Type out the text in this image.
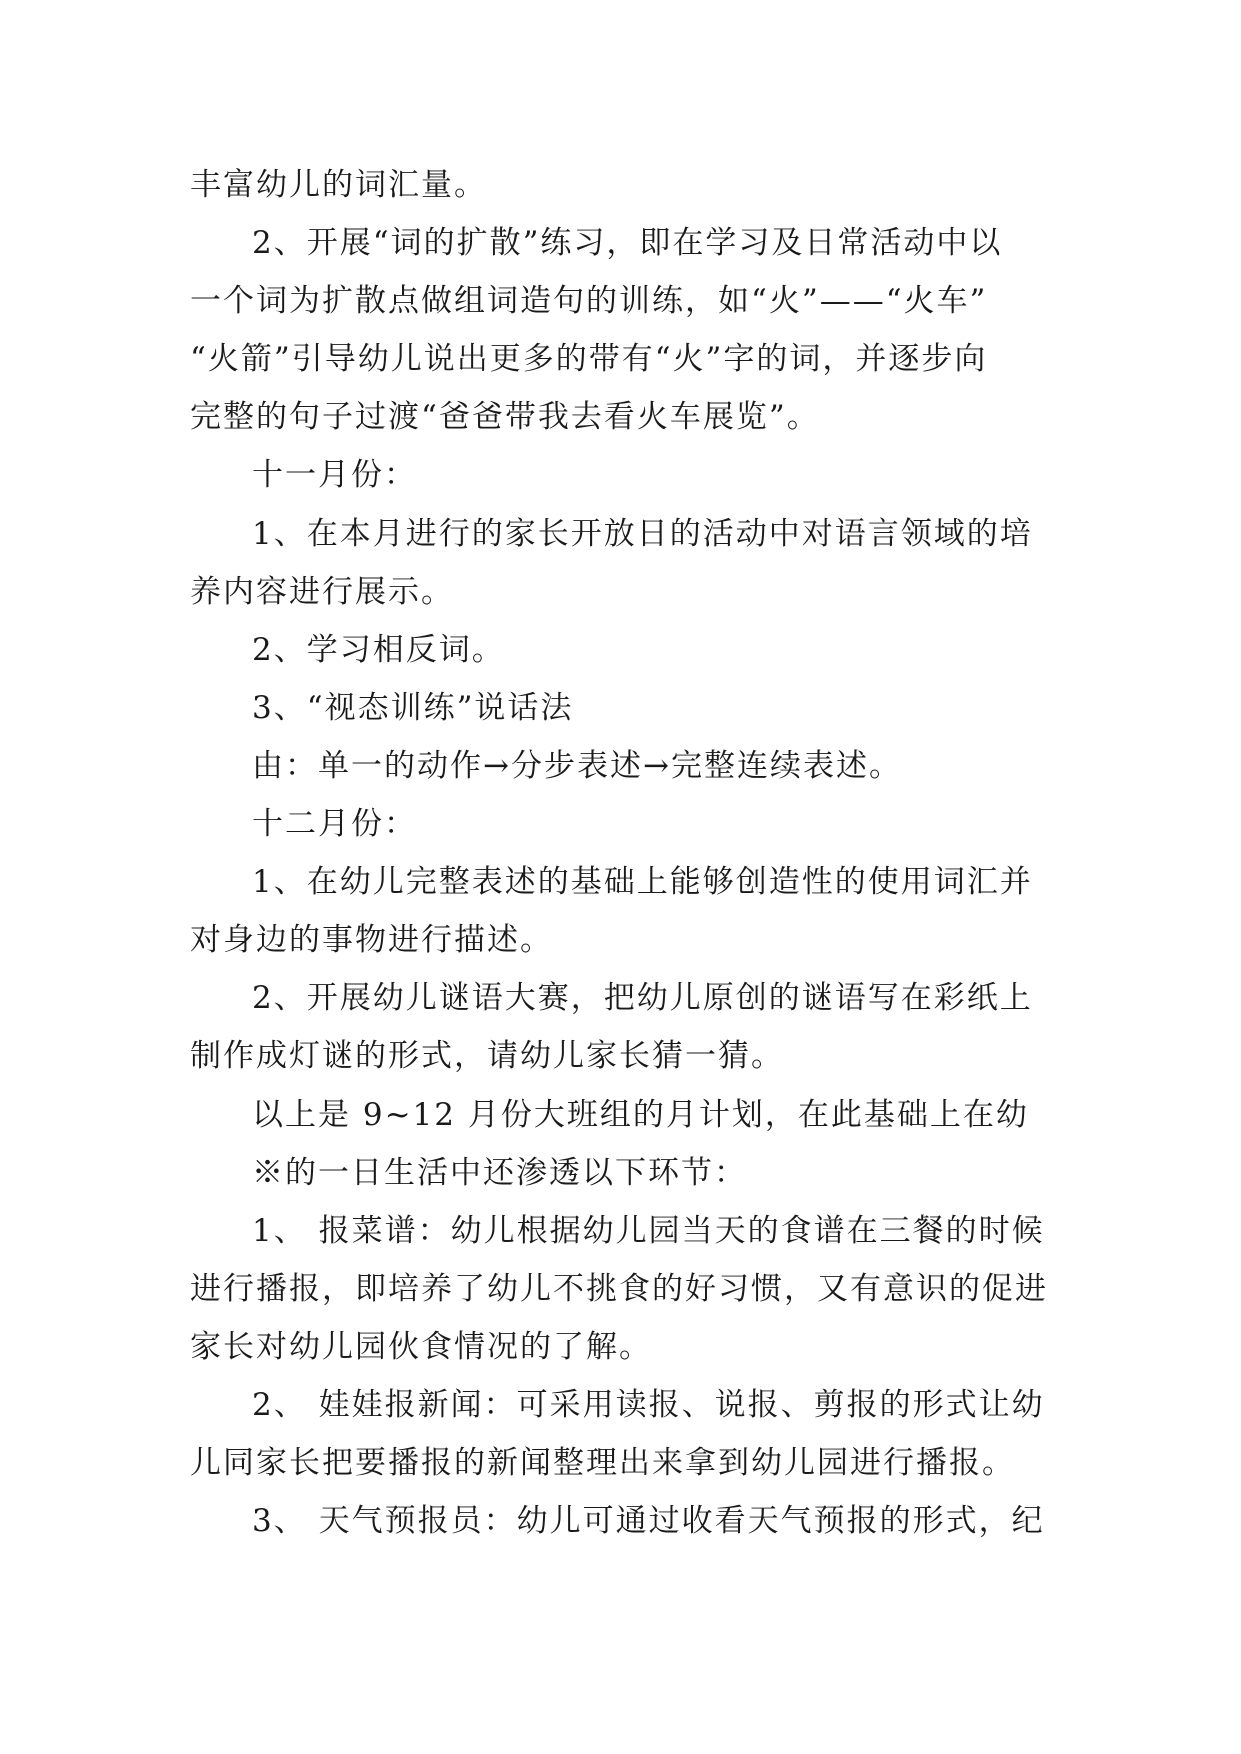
丰富幼儿的词汇量。
2、开展“词的扩散”练习，即在学习及日常活动中以
一个词为扩散点做组词造句的训练，如“火”——“火车”
“火箭”引导幼儿说出更多的带有“火”字的词，并逐步向
完整的句子过渡“爸爸带我去看火车展览”。
十一月份：
1、在本月进行的家长开放日的活动中对语言领域的培
养内容进行展示。
2、学习相反词。
3、“视态训练”说话法
由：单一的动作→分步表述→完整连续表述。
十二月份：
1、在幼儿完整表述的基础上能够创造性的使用词汇并
对身边的事物进行描述。
2、开展幼儿谜语大赛，把幼儿原创的谜语写在彩纸上
制作成灯谜的形式，请幼儿家长猜一猜。
以上是 9~12 月份大班组的月计划，在此基础上在幼
※的一日生活中还渗透以下环节：
1、 报菜谱：幼儿根据幼儿园当天的食谱在三餐的时候
进行播报，即培养了幼儿不挑食的好习惯，又有意识的促进
家长对幼儿园伙食情况的了解。
2、 娃娃报新闻：可采用读报、说报、剪报的形式让幼
儿同家长把要播报的新闻整理出来拿到幼儿园进行播报。
3、 天气预报员：幼儿可通过收看天气预报的形式，纪
